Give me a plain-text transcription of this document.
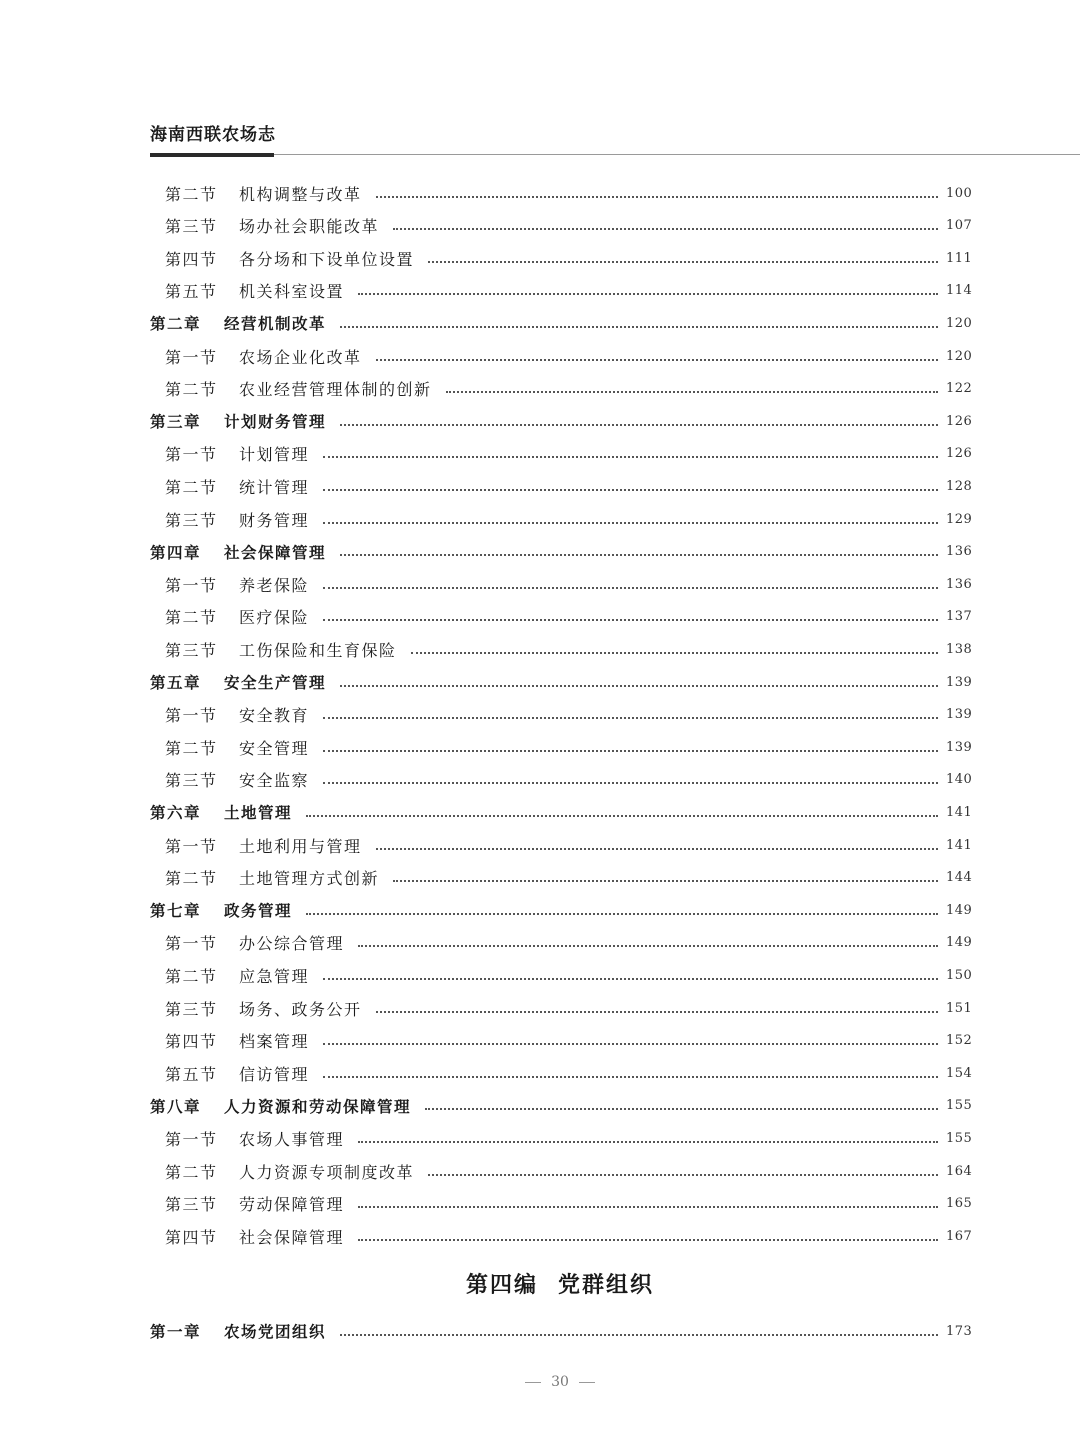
海南西联农场志
第二节	机构调整与改革	100
第三节	场办社会职能改革	107
第四节	各分场和下设单位设置	111
第五节	机关科室设置	114
第二章	经营机制改革	120
第一节	农场企业化改革	120
第二节	农业经营管理体制的创新	122
第三章	计划财务管理	126
第一节	计划管理	126
第二节	统计管理	128
第三节	财务管理	129
第四章	社会保障管理	136
第一节	养老保险	136
第二节	医疗保险	137
第三节	工伤保险和生育保险	138
第五章	安全生产管理	139
第一节	安全教育	139
第二节	安全管理	139
第三节	安全监察	140
第六章	土地管理	141
第一节	土地利用与管理	141
第二节	土地管理方式创新	144
第七章	政务管理	149
第一节	办公综合管理	149
第二节	应急管理	150
第三节	场务、政务公开	151
第四节	档案管理	152
第五节	信访管理	154
第八章	人力资源和劳动保障管理	155
第一节	农场人事管理	155
第二节	人力资源专项制度改革	164
第三节	劳动保障管理	165
第四节	社会保障管理	167
第四编 党群组织
第一章	农场党团组织	173
30
